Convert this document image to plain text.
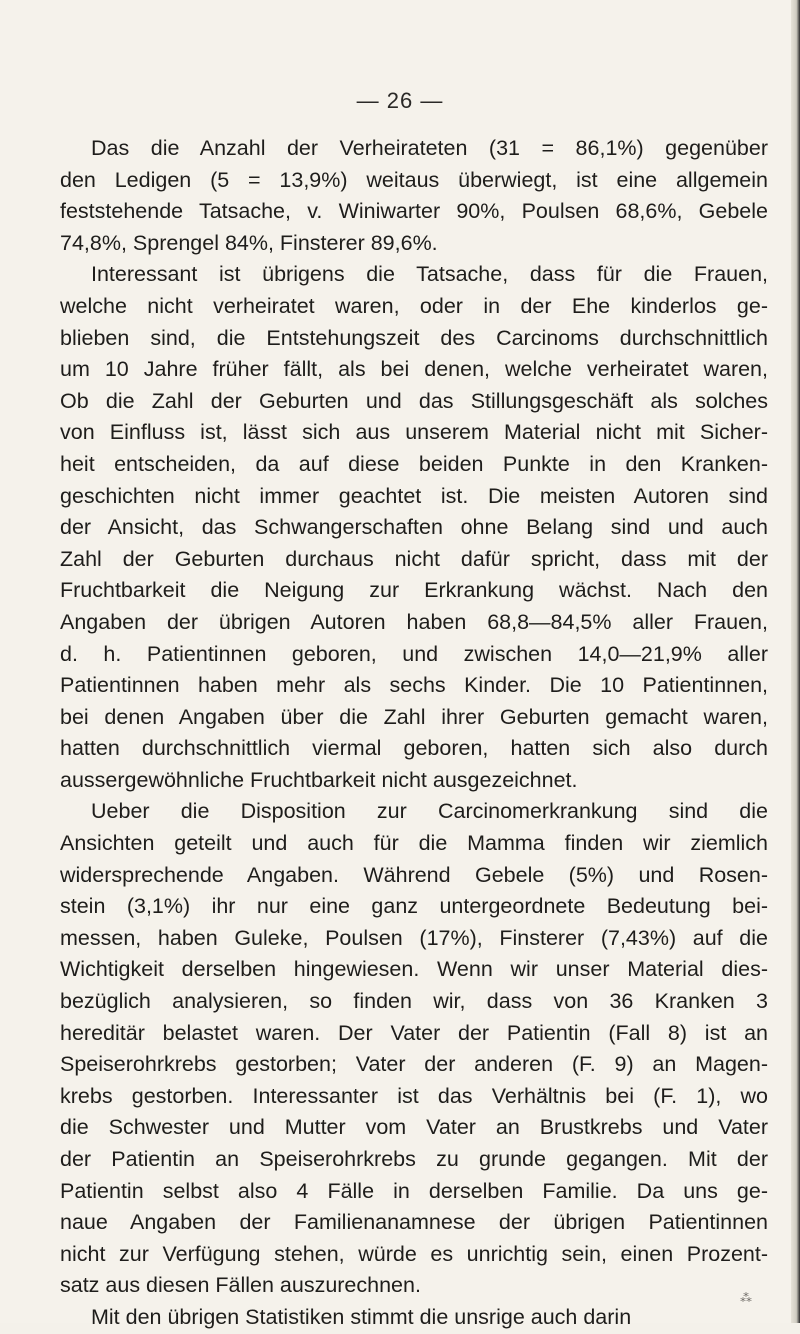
— 26 —
Das die Anzahl der Verheirateten (31 = 86,1%) gegenüber
den Ledigen (5 = 13,9%) weitaus überwiegt, ist eine allgemein
feststehende Tatsache, v. Winiwarter 90%, Poulsen 68,6%, Gebele
74,8%, Sprengel 84%, Finsterer 89,6%.
Interessant ist übrigens die Tatsache, dass für die Frauen,
welche nicht verheiratet waren, oder in der Ehe kinderlos ge-
blieben sind, die Entstehungszeit des Carcinoms durchschnittlich
um 10 Jahre früher fällt, als bei denen, welche verheiratet waren,
Ob die Zahl der Geburten und das Stillungsgeschäft als solches
von Einfluss ist, lässt sich aus unserem Material nicht mit Sicher-
heit entscheiden, da auf diese beiden Punkte in den Kranken-
geschichten nicht immer geachtet ist. Die meisten Autoren sind
der Ansicht, das Schwangerschaften ohne Belang sind und auch
Zahl der Geburten durchaus nicht dafür spricht, dass mit der
Fruchtbarkeit die Neigung zur Erkrankung wächst. Nach den
Angaben der übrigen Autoren haben 68,8—84,5% aller Frauen,
d. h. Patientinnen geboren, und zwischen 14,0—21,9% aller
Patientinnen haben mehr als sechs Kinder. Die 10 Patientinnen,
bei denen Angaben über die Zahl ihrer Geburten gemacht waren,
hatten durchschnittlich viermal geboren, hatten sich also durch
aussergewöhnliche Fruchtbarkeit nicht ausgezeichnet.
Ueber die Disposition zur Carcinomerkrankung sind die
Ansichten geteilt und auch für die Mamma finden wir ziemlich
widersprechende Angaben. Während Gebele (5%) und Rosen-
stein (3,1%) ihr nur eine ganz untergeordnete Bedeutung bei-
messen, haben Guleke, Poulsen (17%), Finsterer (7,43%) auf die
Wichtigkeit derselben hingewiesen. Wenn wir unser Material dies-
bezüglich analysieren, so finden wir, dass von 36 Kranken 3
hereditär belastet waren. Der Vater der Patientin (Fall 8) ist an
Speiserohrkrebs gestorben; Vater der anderen (F. 9) an Magen-
krebs gestorben. Interessanter ist das Verhältnis bei (F. 1), wo
die Schwester und Mutter vom Vater an Brustkrebs und Vater
der Patientin an Speiserohrkrebs zu grunde gegangen. Mit der
Patientin selbst also 4 Fälle in derselben Familie. Da uns ge-
naue Angaben der Familienanamnese der übrigen Patientinnen
nicht zur Verfügung stehen, würde es unrichtig sein, einen Prozent-
satz aus diesen Fällen auszurechnen.
Mit den übrigen Statistiken stimmt die unsrige auch darin
⁂
